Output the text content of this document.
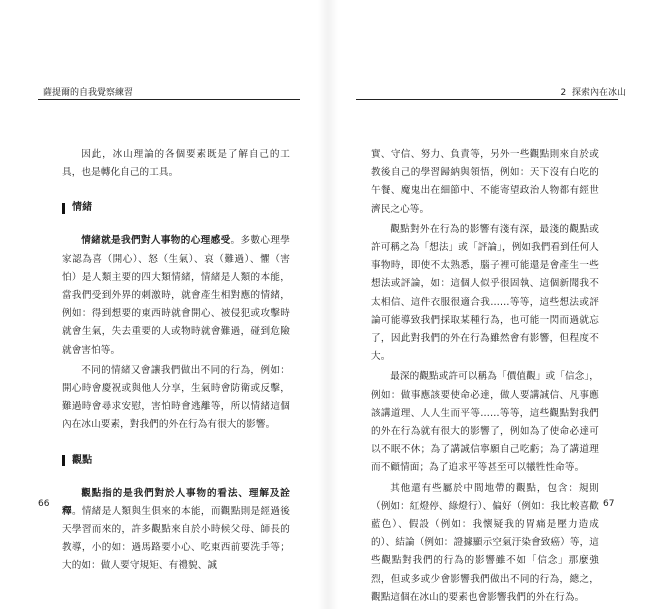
薩提爾的自我覺察練習

因此，冰山理論的各個要素既是了解自己的工具，也是轉化自己的工具。

情緒

情緒就是我們對人事物的心理感受。多數心理學家認為喜（開心）、怒（生氣）、哀（難過）、懼（害怕）是人類主要的四大類情緒，情緒是人類的本能，當我們受到外界的刺激時，就會產生相對應的情緒，例如：得到想要的東西時就會開心、被侵犯或攻擊時就會生氣，失去重要的人或物時就會難過，碰到危險就會害怕等。

不同的情緒又會讓我們做出不同的行為，例如：開心時會慶祝或與他人分享，生氣時會防衛或反擊，難過時會尋求安慰，害怕時會逃離等，所以情緒這個內在冰山要素，對我們的外在行為有很大的影響。

觀點

觀點指的是我們對於人事物的看法、理解及詮釋。情緒是人類與生俱來的本能，而觀點則是經過後天學習而來的，許多觀點來自於小時候父母、師長的教導，小的如：過馬路要小心、吃東西前要洗手等；大的如：做人要守規矩、有禮貌、誠

66
2 探索內在冰山

實、守信、努力、負責等，另外一些觀點則來自於或教後自己的學習歸納與領悟，例如：天下沒有白吃的午餐、魔鬼出在細節中、不能寄望政治人物都有經世濟民之心等。

觀點對外在行為的影響有淺有深，最淺的觀點或許可稱之為「想法」或「評論」，例如我們看到任何人事物時，即使不太熟悉，腦子裡可能還是會產生一些想法或評論，如：這個人似乎很固執、這個新聞我不太相信、這件衣服很適合我……等等，這些想法或評論可能導致我們採取某種行為，也可能一閃而過就忘了，因此對我們的外在行為雖然會有影響，但程度不大。

最深的觀點或許可以稱為「價值觀」或「信念」，例如：做事應該要使命必達，做人要講誠信、凡事應該講道理、人人生而平等……等等，這些觀點對我們的外在行為就有很大的影響了，例如為了使命必達可以不眠不休；為了講誠信寧願自己吃虧；為了講道理而不顧情面；為了追求平等甚至可以犧牲性命等。

其他還有些屬於中間地帶的觀點，包含：規則（例如：紅燈停、綠燈行）、偏好（例如：我比較喜歡藍色）、假設（例如：我懷疑我的胃痛是壓力造成的）、結論（例如：證據顯示空氣汙染會致癌）等，這些觀點對我們的行為的影響雖不如「信念」那麼強烈，但或多或少會影響我們做出不同的行為，總之，觀點這個在冰山的要素也會影響我們的外在行為。

67
